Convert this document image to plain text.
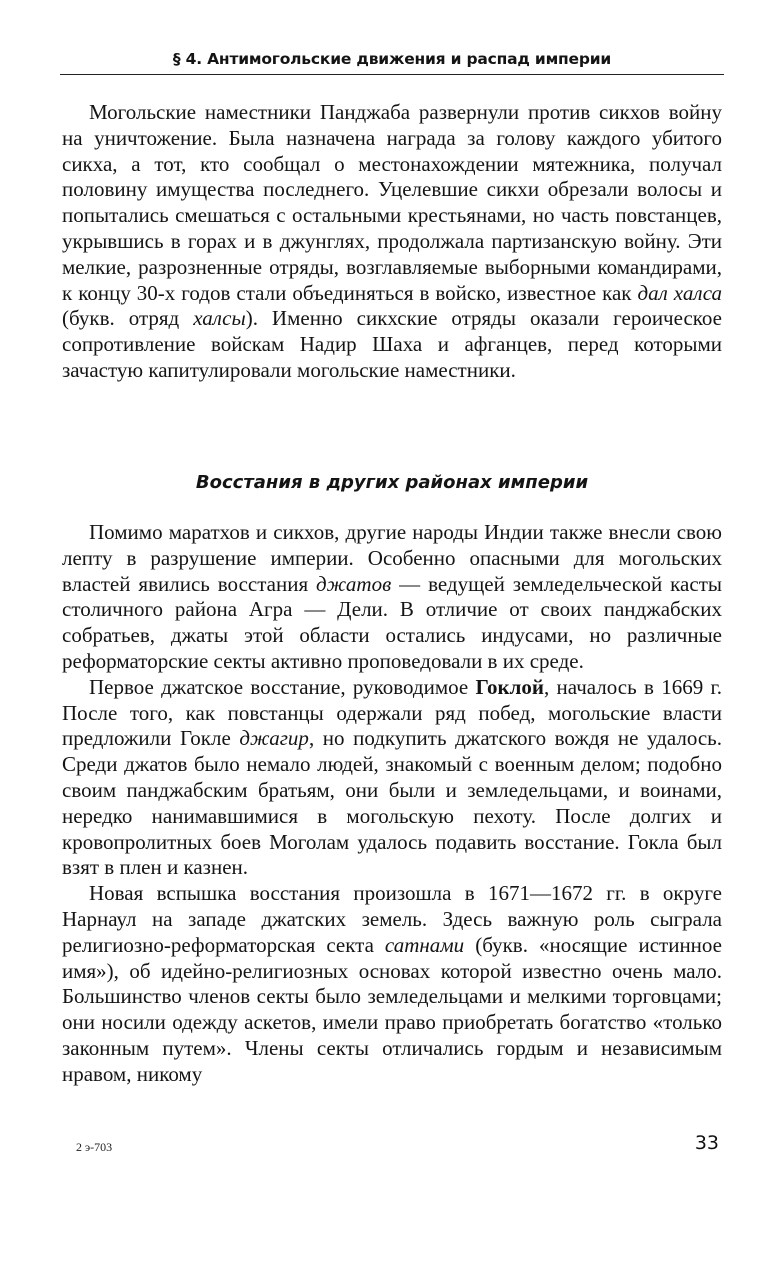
§ 4. Антимогольские движения и распад империи

Могольские наместники Панджаба развернули против сикхов войну на уничтожение. Была назначена награда за голову каждого убитого сикха, а тот, кто сообщал о местонахождении мятежника, получал половину имущества последнего. Уцелевшие сикхи обрезали волосы и попытались смешаться с остальными крестьянами, но часть повстанцев, укрывшись в горах и в джунглях, продолжала партизанскую войну. Эти мелкие, разрозненные отряды, возглавляемые выборными командирами, к концу 30-х годов стали объединяться в войско, известное как дал халса (букв. отряд халсы). Именно сикхские отряды оказали героическое сопротивление войскам Надир Шаха и афганцев, перед которыми зачастую капитулировали могольские наместники.

Восстания в других районах империи

Помимо маратхов и сикхов, другие народы Индии также внесли свою лепту в разрушение империи. Особенно опасными для могольских властей явились восстания джатов — ведущей земледельческой касты столичного района Агра — Дели. В отличие от своих панджабских собратьев, джаты этой области остались индусами, но различные реформаторские секты активно проповедовали в их среде.

Первое джатское восстание, руководимое Гоклой, началось в 1669 г. После того, как повстанцы одержали ряд побед, могольские власти предложили Гокле джагир, но подкупить джатского вождя не удалось. Среди джатов было немало людей, знакомый с военным делом; подобно своим панджабским братьям, они были и земледельцами, и воинами, нередко нанимавшимися в могольскую пехоту. После долгих и кровопролитных боев Моголам удалось подавить восстание. Гокла был взят в плен и казнен.

Новая вспышка восстания произошла в 1671—1672 гг. в округе Нарнаул на западе джатских земель. Здесь важную роль сыграла религиозно-реформаторская секта сатнами (букв. «носящие истинное имя»), об идейно-религиозных основах которой известно очень мало. Большинство членов секты было земледельцами и мелкими торговцами; они носили одежду аскетов, имели право приобретать богатство «только законным путем». Члены секты отличались гордым и независимым нравом, никому

2 э-703	33
